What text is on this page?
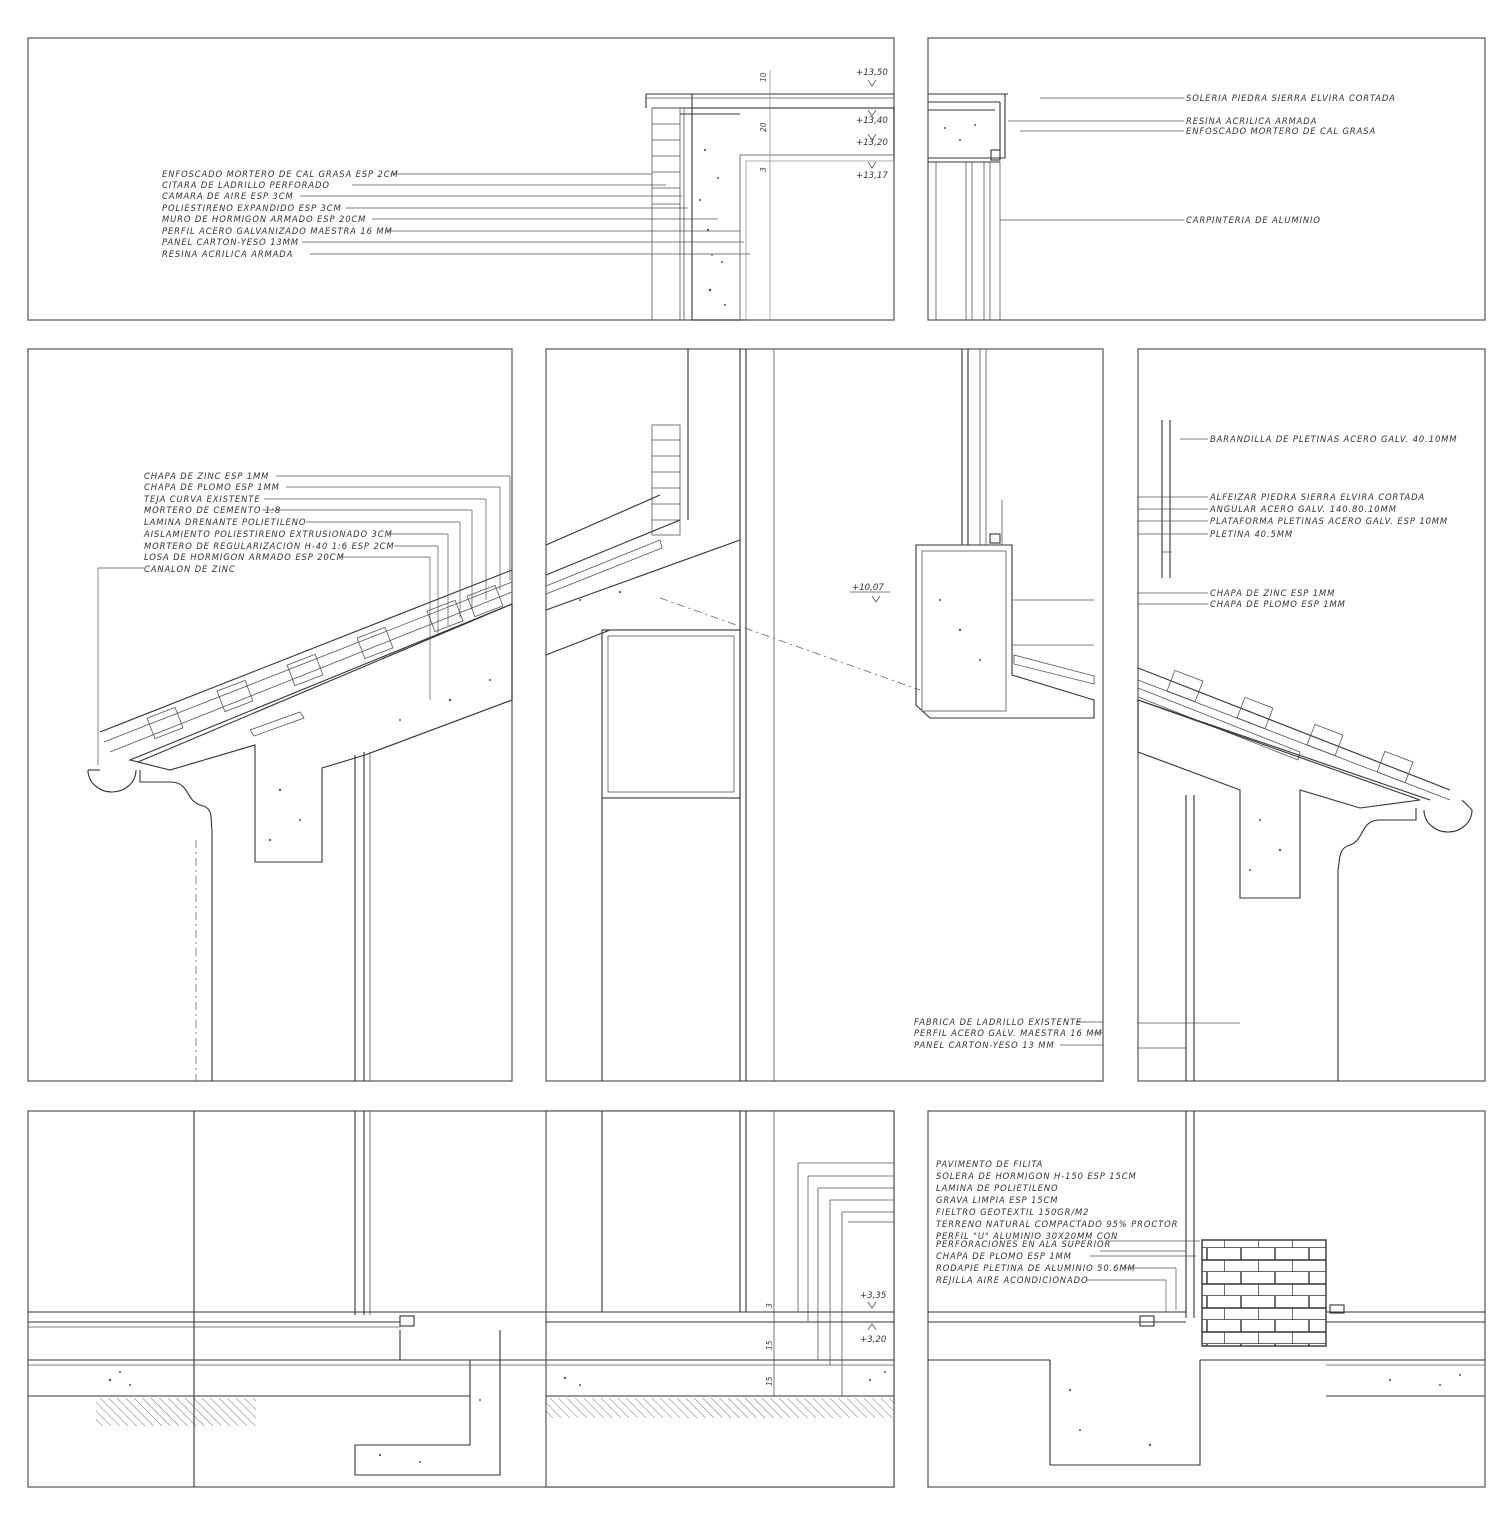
10
20
3
+13,50
+13,40
+13,20
+13,17
ENFOSCADO MORTERO DE CAL GRASA ESP 2CM
CITARA DE LADRILLO PERFORADO
CAMARA DE AIRE ESP 3CM
POLIESTIRENO EXPANDIDO ESP 3CM
MURO DE HORMIGON ARMADO ESP 20CM
PERFIL ACERO GALVANIZADO MAESTRA 16 MM
PANEL CARTON-YESO 13MM
RESINA ACRILICA ARMADA
SOLERIA PIEDRA SIERRA ELVIRA CORTADA
RESINA ACRILICA ARMADA
ENFOSCADO MORTERO DE CAL GRASA
CARPINTERIA DE ALUMINIO
CHAPA DE ZINC ESP 1MM
CHAPA DE PLOMO ESP 1MM
TEJA CURVA EXISTENTE
MORTERO DE CEMENTO 1:8
LAMINA DRENANTE POLIETILENO
AISLAMIENTO POLIESTIRENO EXTRUSIONADO 3CM
MORTERO DE REGULARIZACION H-40 1:6 ESP 2CM
LOSA DE HORMIGON ARMADO ESP 20CM
CANALON DE ZINC
+10,07
FABRICA DE LADRILLO EXISTENTE
PERFIL ACERO GALV. MAESTRA 16 MM
PANEL CARTON-YESO 13 MM
BARANDILLA DE PLETINAS ACERO GALV. 40.10MM
ALFEIZAR PIEDRA SIERRA ELVIRA CORTADA
ANGULAR ACERO GALV. 140.80.10MM
PLATAFORMA PLETINAS ACERO GALV. ESP 10MM
PLETINA 40.5MM
CHAPA DE ZINC ESP 1MM
CHAPA DE PLOMO ESP 1MM
3
15
15
+3,35
+3,20
PAVIMENTO DE FILITA
SOLERA DE HORMIGON H-150 ESP 15CM
LAMINA DE POLIETILENO
GRAVA LIMPIA ESP 15CM
FIELTRO GEOTEXTIL 150GR/M2
TERRENO NATURAL COMPACTADO 95% PROCTOR
PERFIL "U" ALUMINIO 30X20MM CON
PERFORACIONES EN ALA SUPERIOR
CHAPA DE PLOMO ESP 1MM
RODAPIE PLETINA DE ALUMINIO 50.6MM
REJILLA AIRE ACONDICIONADO
